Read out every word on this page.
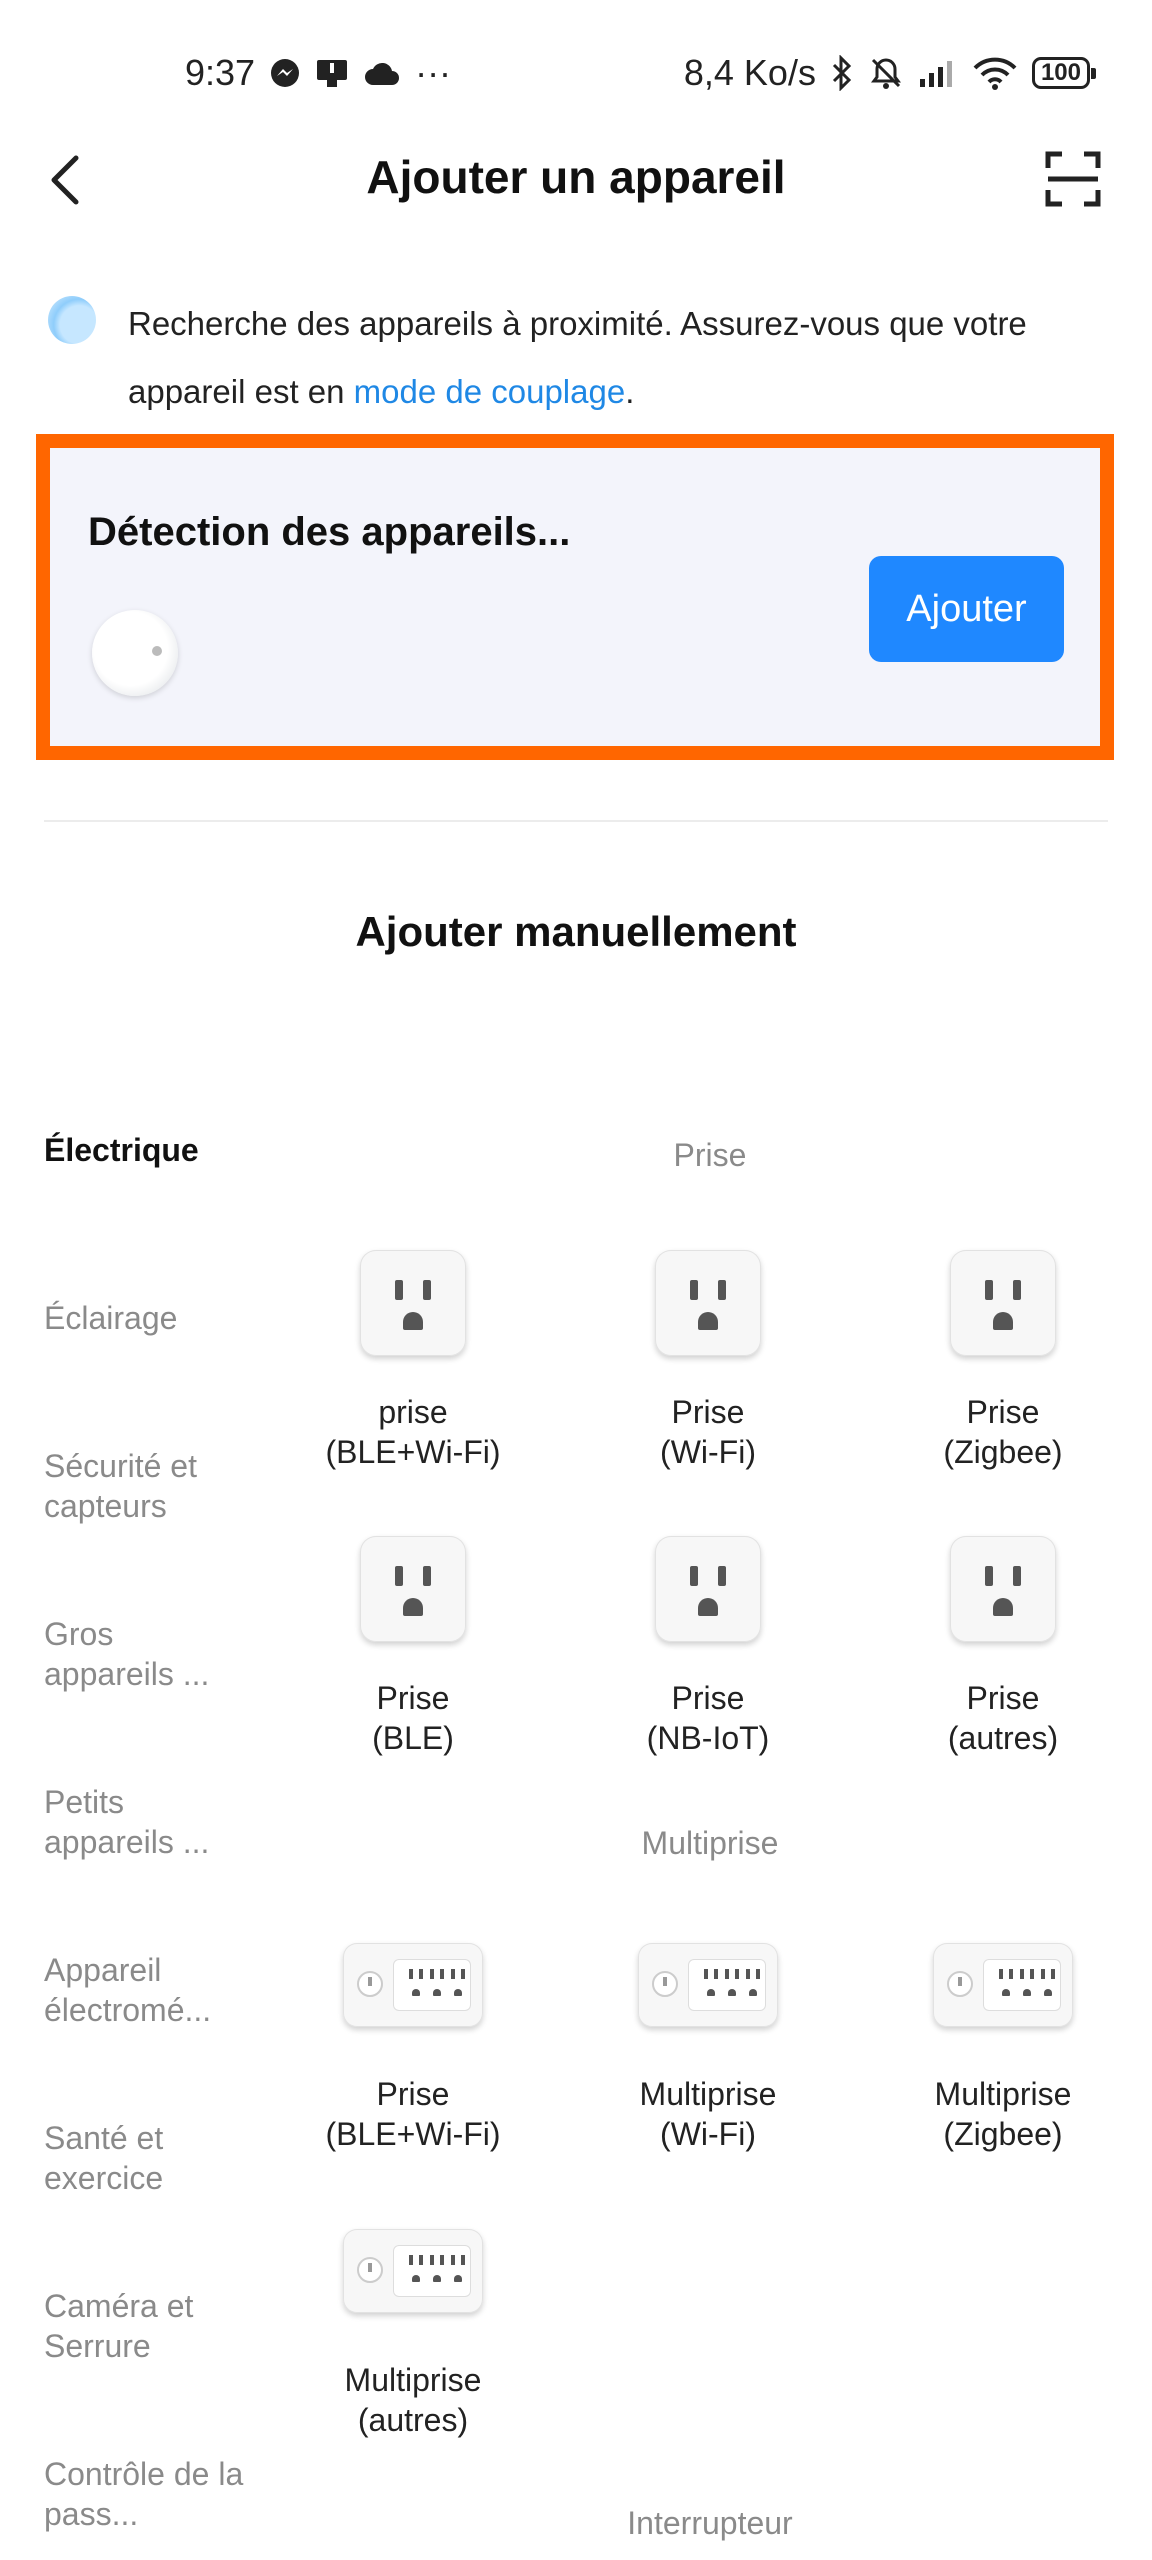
9:37	···	8,4 Ko/s	100
Ajouter un appareil
Recherche des appareils à proximité. Assurez-vous que votre appareil est en mode de couplage.
Détection des appareils...
Ajouter
Ajouter manuellement
Électrique
Éclairage
Sécurité et capteurs
Gros appareils ...
Petits appareils ...
Appareil électromé...
Santé et exercice
Caméra et Serrure
Contrôle de la pass...
Prise
prise
(BLE+Wi-Fi)
Prise
(Wi-Fi)
Prise
(Zigbee)
Prise
(BLE)
Prise
(NB-IoT)
Prise
(autres)
Multiprise
Prise
(BLE+Wi-Fi)
Multiprise
(Wi-Fi)
Multiprise
(Zigbee)
Multiprise
(autres)
Interrupteur
